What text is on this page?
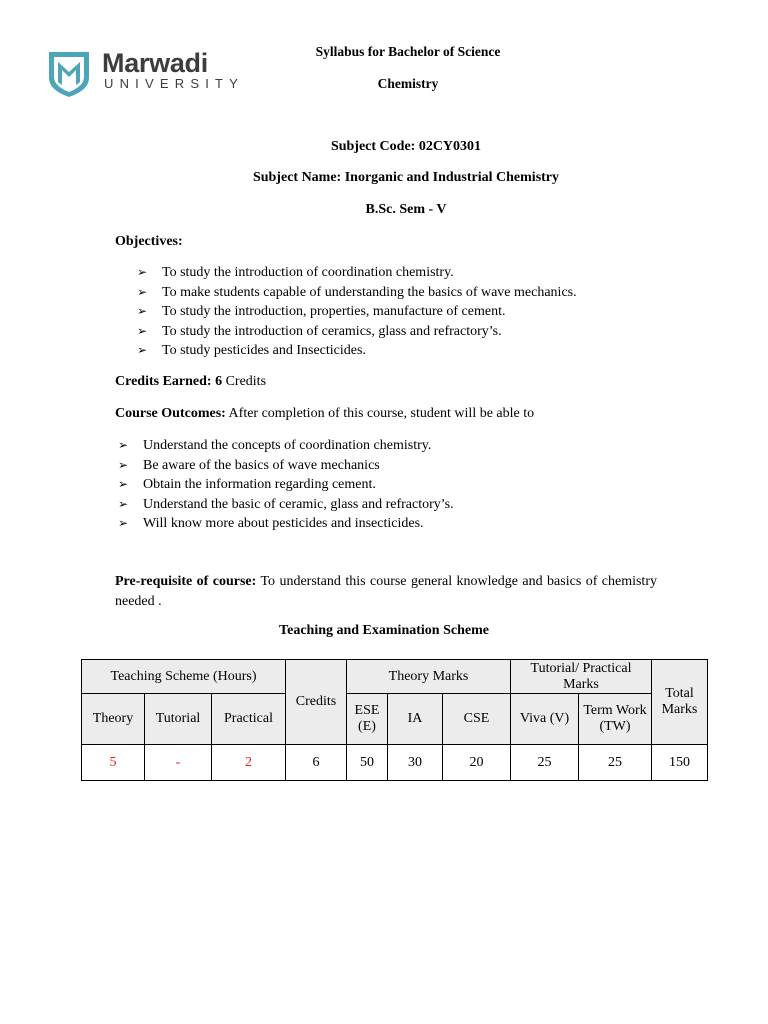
Marwadi
UNIVERSITY
Syllabus for Bachelor of Science
Chemistry
Subject Code: 02CY0301
Subject Name: Inorganic and Industrial Chemistry
B.Sc. Sem - V
Objectives:
➢ To study the introduction of coordination chemistry.
➢ To make students capable of understanding the basics of wave mechanics.
➢ To study the introduction, properties, manufacture of cement.
➢ To study the introduction of ceramics, glass and refractory’s.
➢ To study pesticides and Insecticides.
Credits Earned: 6 Credits
Course Outcomes: After completion of this course, student will be able to
➢ Understand the concepts of coordination chemistry.
➢ Be aware of the basics of wave mechanics
➢ Obtain the information regarding cement.
➢ Understand the basic of ceramic, glass and refractory’s.
➢ Will know more about pesticides and insecticides.
Pre-requisite of course: To understand this course general knowledge and basics of chemistry needed .
Teaching and Examination Scheme
Teaching Scheme (Hours)			Credits	Theory Marks			Tutorial/ Practical Marks		Total Marks
Theory	Tutorial	Practical		ESE (E)	IA	CSE	Viva (V)	Term Work (TW)	
5	-	2	6	50	30	20	25	25	150
